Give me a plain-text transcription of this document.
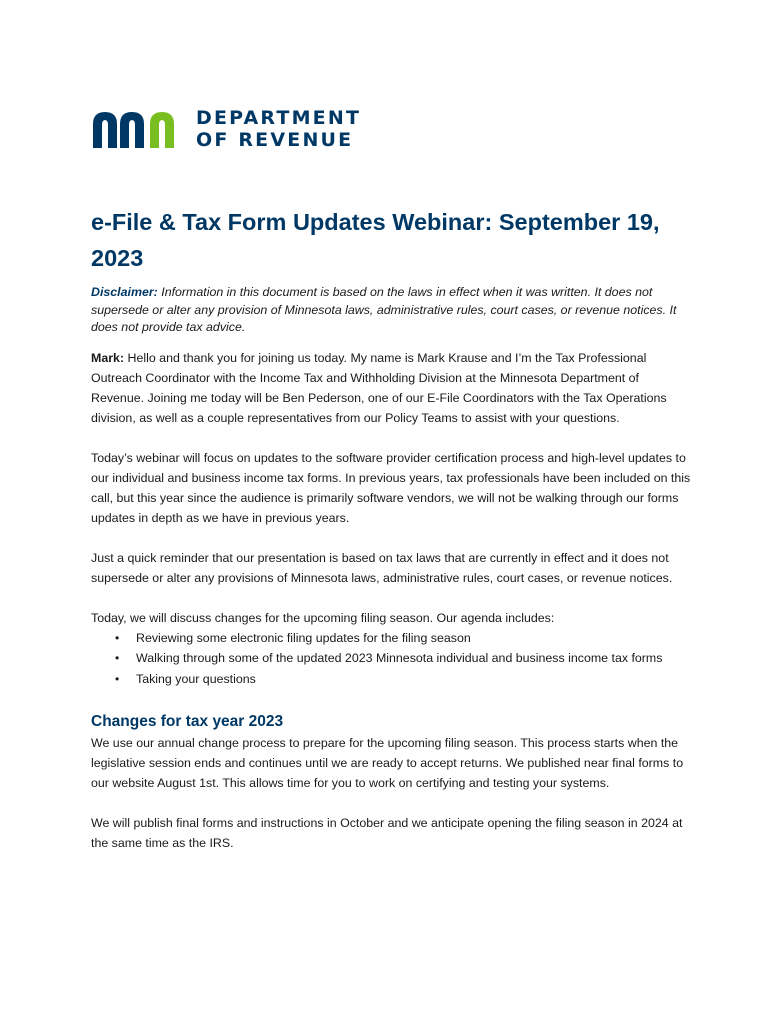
DEPARTMENT
OF REVENUE
e-File & Tax Form Updates Webinar: September 19, 2023

Disclaimer: Information in this document is based on the laws in effect when it was written. It does not supersede or alter any provision of Minnesota laws, administrative rules, court cases, or revenue notices. It does not provide tax advice.

Mark: Hello and thank you for joining us today. My name is Mark Krause and I’m the Tax Professional Outreach Coordinator with the Income Tax and Withholding Division at the Minnesota Department of Revenue. Joining me today will be Ben Pederson, one of our E-File Coordinators with the Tax Operations division, as well as a couple representatives from our Policy Teams to assist with your questions.

Today’s webinar will focus on updates to the software provider certification process and high-level updates to our individual and business income tax forms. In previous years, tax professionals have been included on this call, but this year since the audience is primarily software vendors, we will not be walking through our forms updates in depth as we have in previous years.

Just a quick reminder that our presentation is based on tax laws that are currently in effect and it does not supersede or alter any provisions of Minnesota laws, administrative rules, court cases, or revenue notices.

Today, we will discuss changes for the upcoming filing season. Our agenda includes:

• Reviewing some electronic filing updates for the filing season
• Walking through some of the updated 2023 Minnesota individual and business income tax forms
• Taking your questions
Changes for tax year 2023

We use our annual change process to prepare for the upcoming filing season. This process starts when the legislative session ends and continues until we are ready to accept returns. We published near final forms to our website August 1st. This allows time for you to work on certifying and testing your systems.

We will publish final forms and instructions in October and we anticipate opening the filing season in 2024 at the same time as the IRS.
